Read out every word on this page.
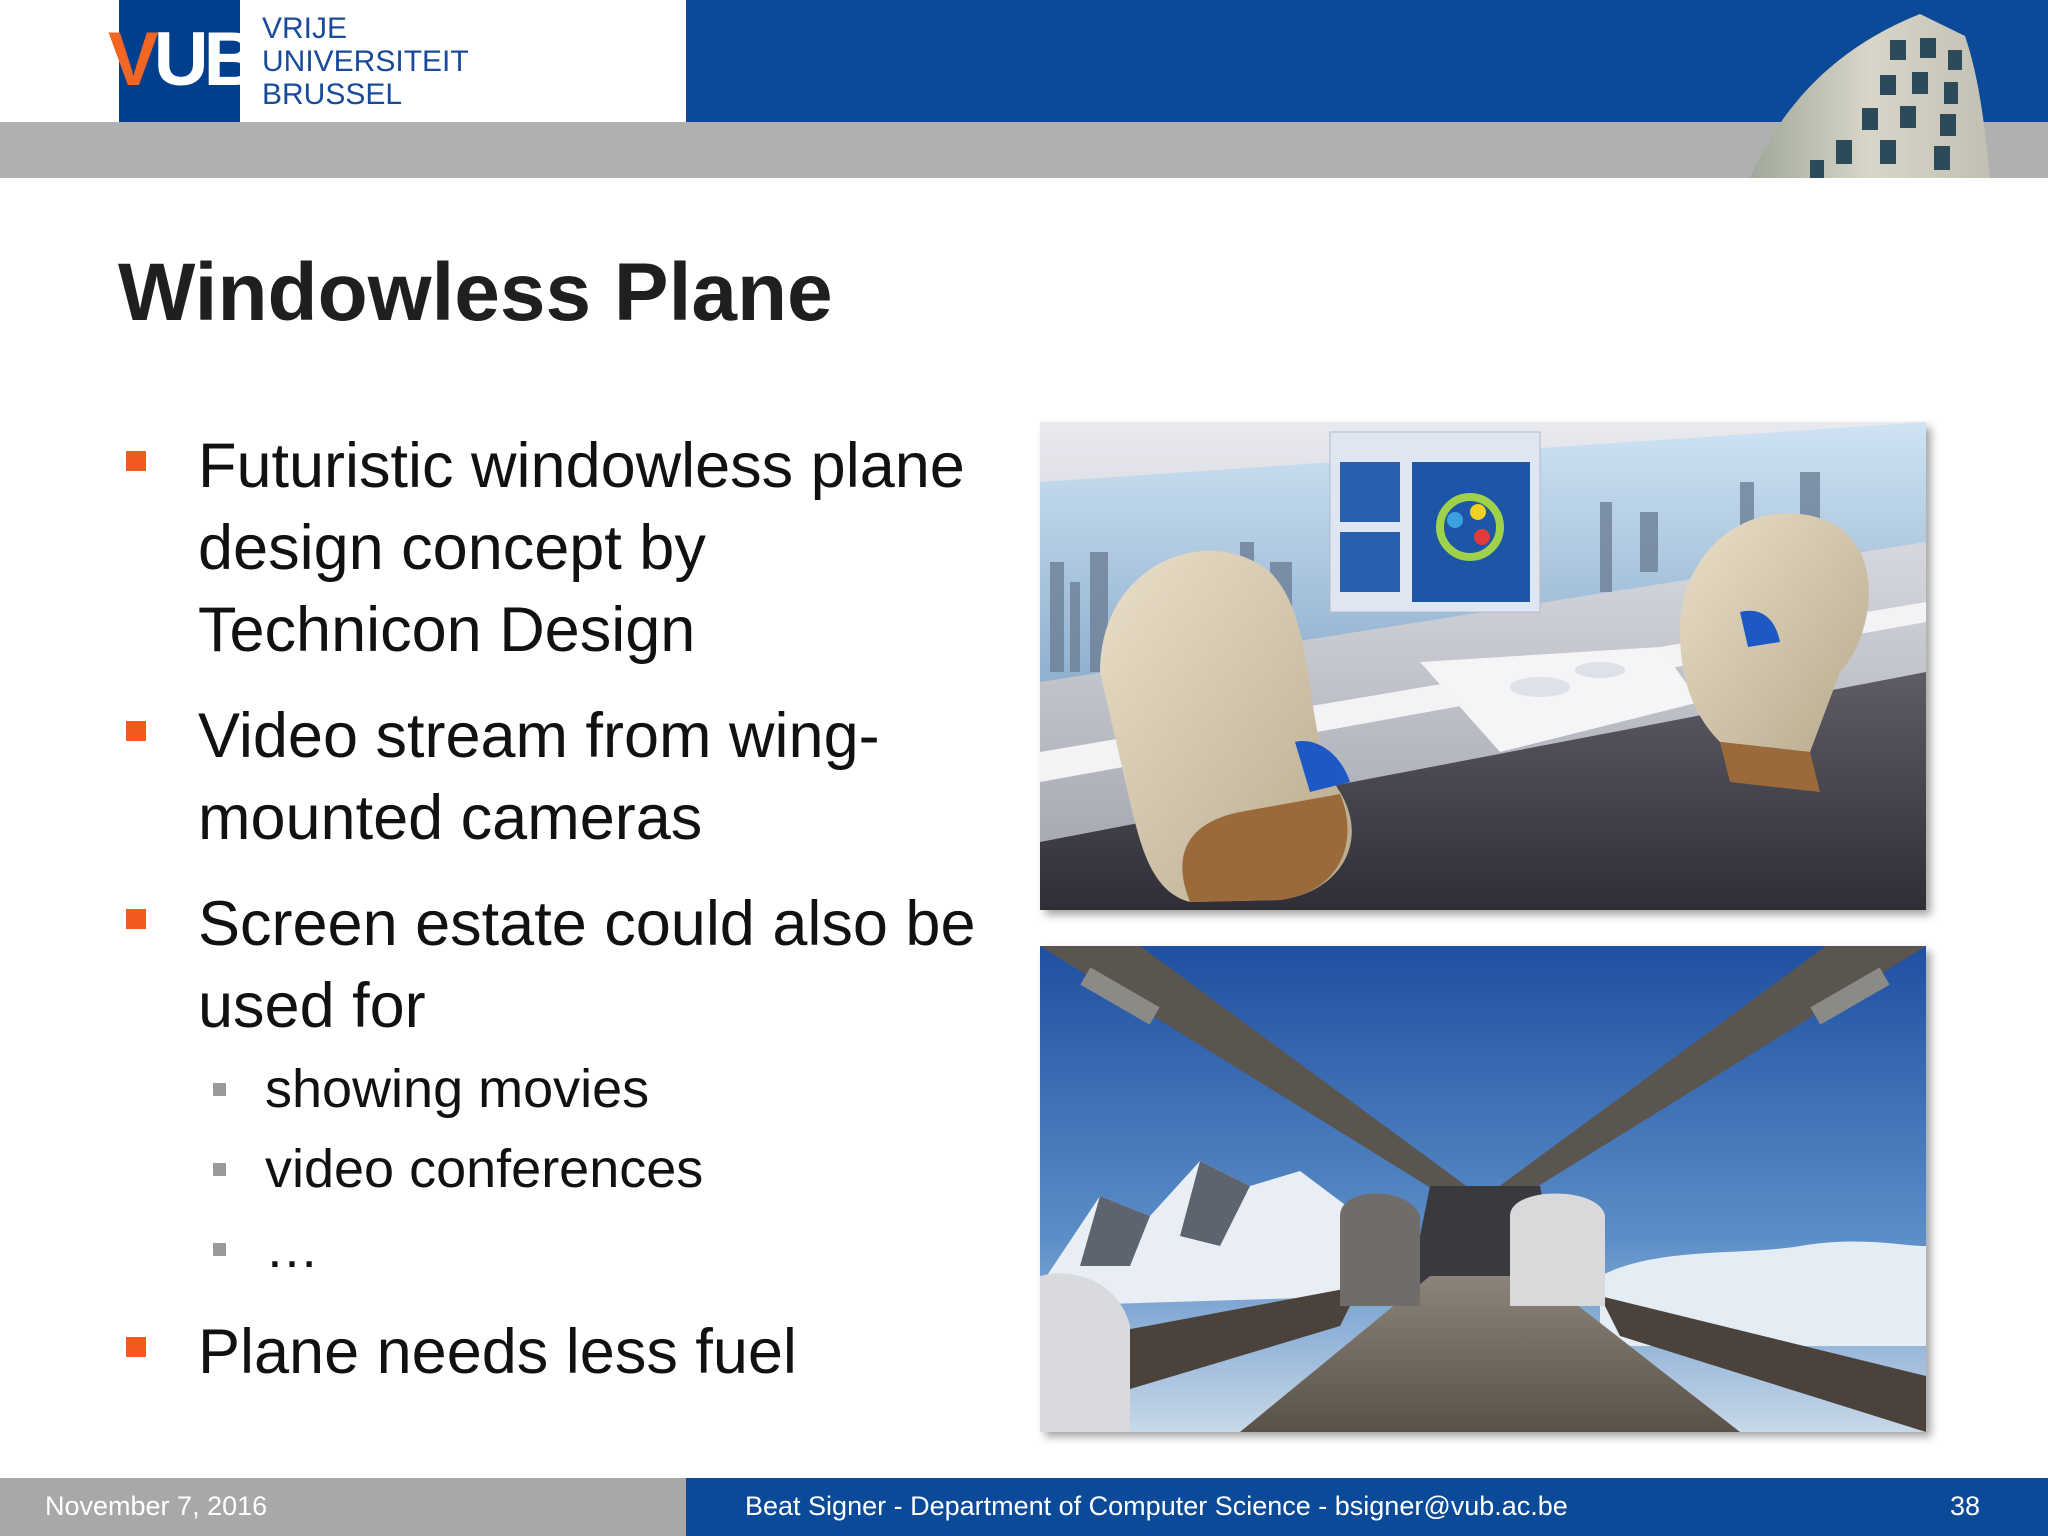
VUB VRIJE
UNIVERSITEIT
BRUSSEL
Windowless Plane
Futuristic windowless plane design concept by Technicon Design
Video stream from wing-mounted cameras
Screen estate could also be used for
showing movies
video conferences
…
Plane needs less fuel
November 7, 2016	Beat Signer - Department of Computer Science - bsigner@vub.ac.be	38
